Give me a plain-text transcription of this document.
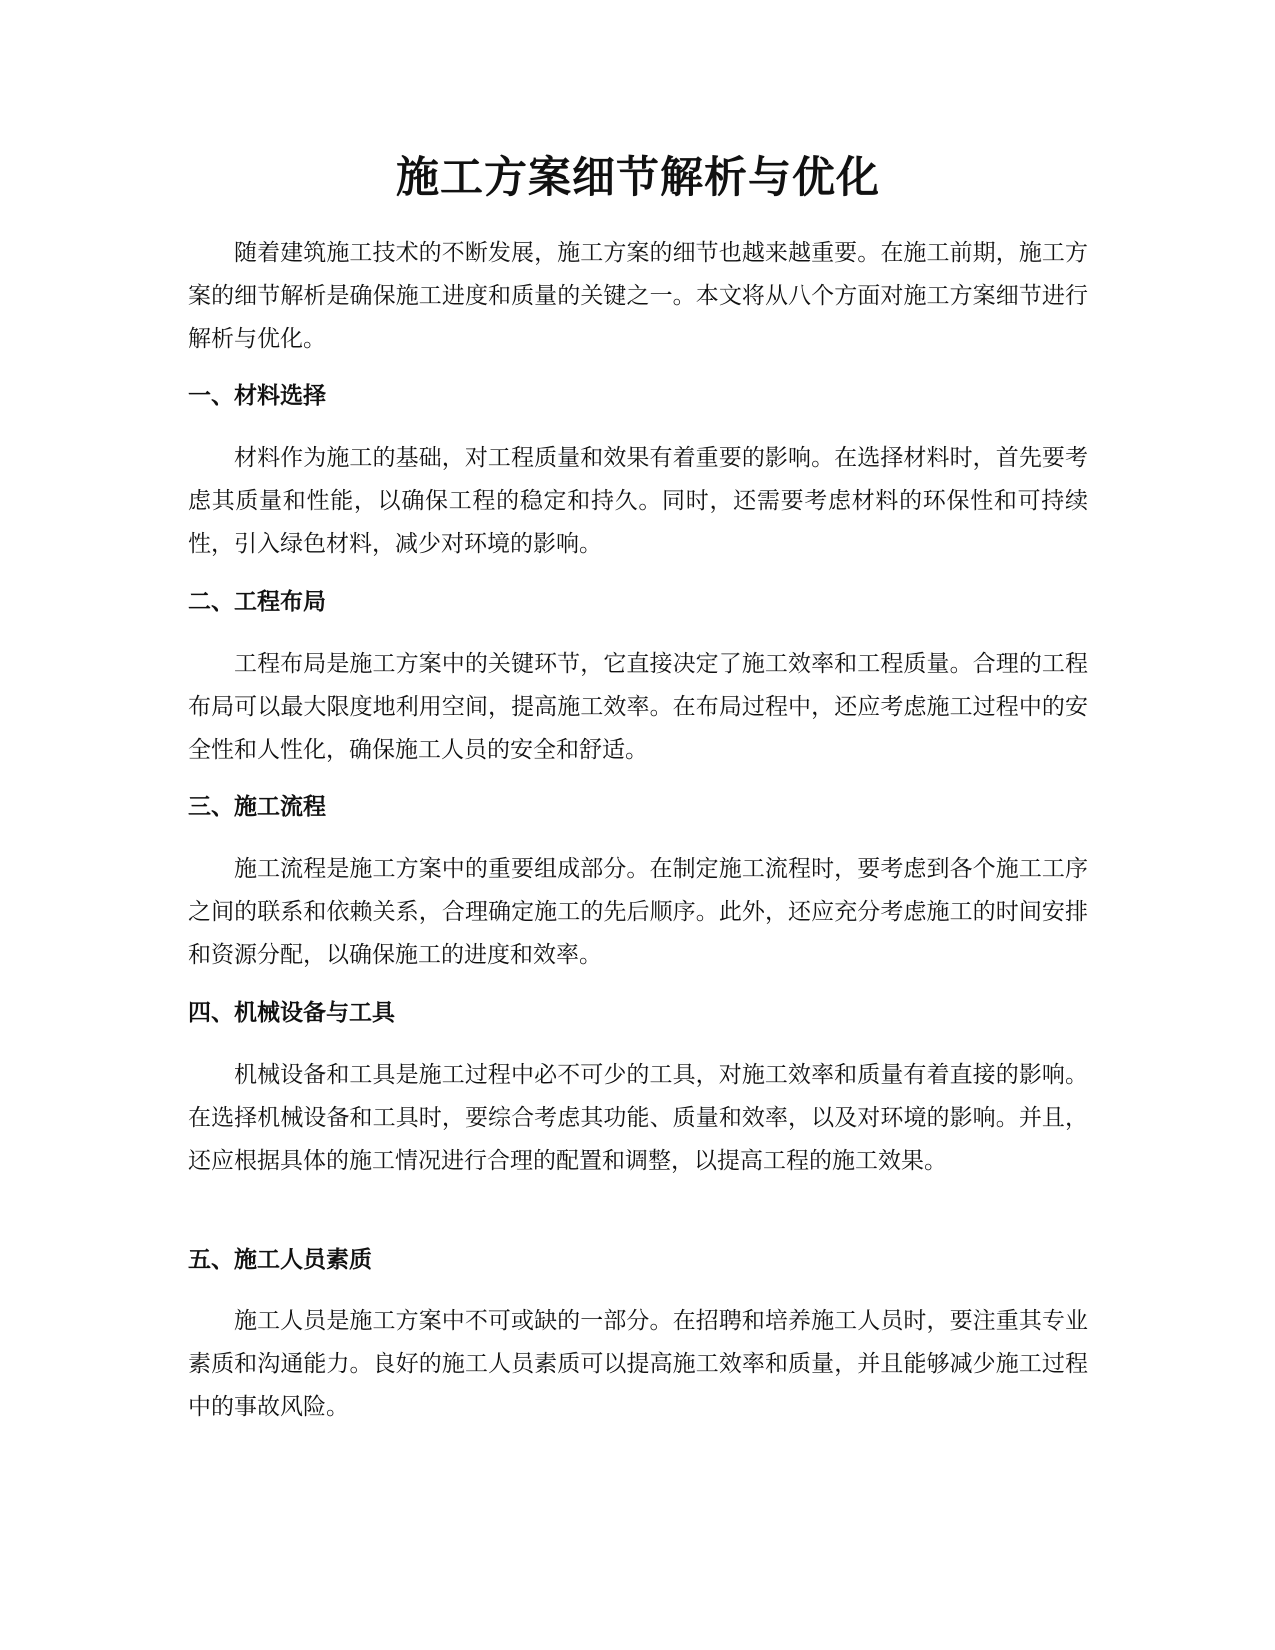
施工方案细节解析与优化

随着建筑施工技术的不断发展，施工方案的细节也越来越重要。在施工前期，施工方案的细节解析是确保施工进度和质量的关键之一。本文将从八个方面对施工方案细节进行解析与优化。

一、材料选择

材料作为施工的基础，对工程质量和效果有着重要的影响。在选择材料时，首先要考虑其质量和性能，以确保工程的稳定和持久。同时，还需要考虑材料的环保性和可持续性，引入绿色材料，减少对环境的影响。

二、工程布局

工程布局是施工方案中的关键环节，它直接决定了施工效率和工程质量。合理的工程布局可以最大限度地利用空间，提高施工效率。在布局过程中，还应考虑施工过程中的安全性和人性化，确保施工人员的安全和舒适。

三、施工流程

施工流程是施工方案中的重要组成部分。在制定施工流程时，要考虑到各个施工工序之间的联系和依赖关系，合理确定施工的先后顺序。此外，还应充分考虑施工的时间安排和资源分配，以确保施工的进度和效率。

四、机械设备与工具

机械设备和工具是施工过程中必不可少的工具，对施工效率和质量有着直接的影响。在选择机械设备和工具时，要综合考虑其功能、质量和效率，以及对环境的影响。并且，还应根据具体的施工情况进行合理的配置和调整，以提高工程的施工效果。

五、施工人员素质

施工人员是施工方案中不可或缺的一部分。在招聘和培养施工人员时，要注重其专业素质和沟通能力。良好的施工人员素质可以提高施工效率和质量，并且能够减少施工过程中的事故风险。
